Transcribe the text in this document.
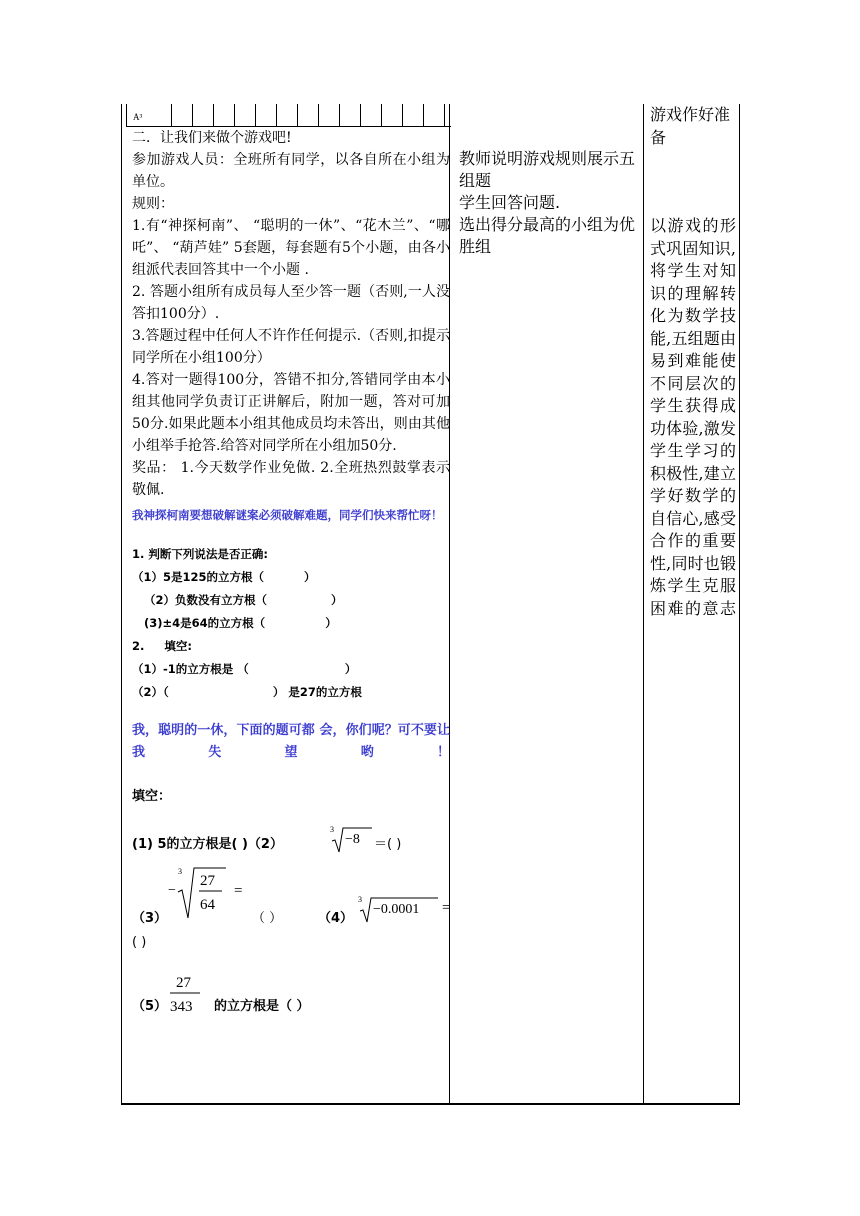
A³

二．让我们来做个游戏吧!

参加游戏人员：全班所有同学，以各自所在小组为单位。

规则：

1.有“神探柯南”、 “聪明的一休”、“花木兰”、“哪吒”、 “葫芦娃” 5套题，每套题有5个小题，由各小组派代表回答其中一个小题 .

2. 答题小组所有成员每人至少答一题（否则,一人没答扣100分）.

3.答题过程中任何人不许作任何提示.（否则,扣提示同学所在小组100分）

4.答对一题得100分，答错不扣分,答错同学由本小组其他同学负责订正讲解后，附加一题，答对可加50分.如果此题本小组其他成员均未答出，则由其他小组举手抢答.给答对同学所在小组加50分.

奖品： 1.今天数学作业免做. 2.全班热烈鼓掌表示敬佩.

我神探柯南要想破解谜案必须破解难题，同学们快来帮忙呀！

1. 判断下列说法是否正确:

（1）5是125的立方根（          ）

（2）负数没有立方根（                ）

(3)±4是64的立方根（               ）

2.     填空:

（1）-1的立方根是 （                        ）

（2）（                          ） 是27的立方根

我，聪明的一休，下面的题可都 会，你们呢？可不要让我失望哟！

填空：

(1) 5的立方根是( )（2）
3
−8 ＝( )
（3）
−
3
=
27
64
（ ）	（4）
3
=
−0.0001
( )
27
343
（5）	的立方根是（ ）

教师说明游戏规则展示五组题

学生回答问题.

选出得分最高的小组为优胜组

游戏作好准备

以游戏的形式巩固知识,将学生对知识的理解转化为数学技能,五组题由易到难能使不同层次的学生获得成功体验,激发学生学习的积极性,建立学好数学的自信心,感受合作的重要性,同时也锻炼学生克服困难的意志
